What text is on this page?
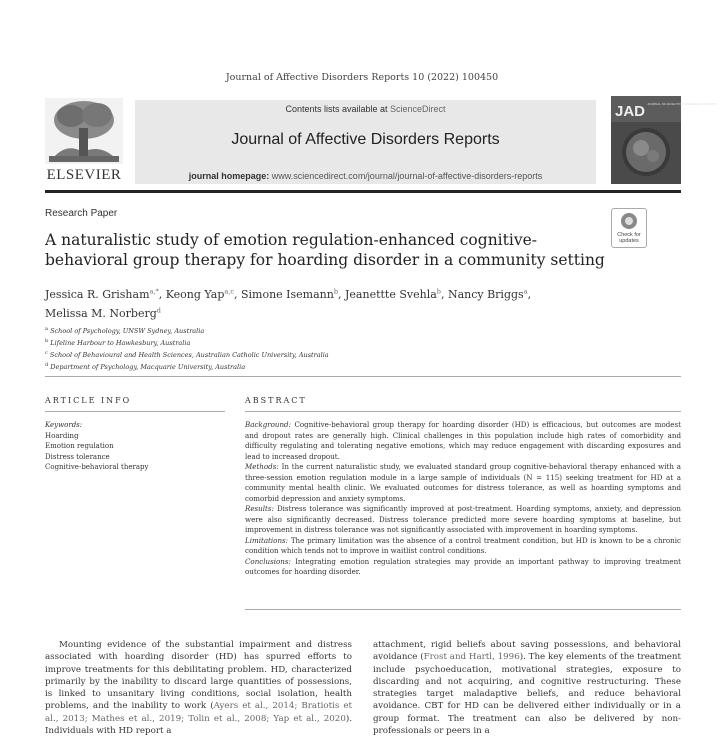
Journal of Affective Disorders Reports 10 (2022) 100450
ELSEVIER
Contents lists available at ScienceDirect
Journal of Affective Disorders Reports
journal homepage: www.sciencedirect.com/journal/journal-of-affective-disorders-reports
JAD JOURNAL OF AFFECTIVE DISORDERS REPORTS
Research Paper
Check for
updates
A naturalistic study of emotion regulation-enhanced cognitive-behavioral group therapy for hoarding disorder in a community setting
Jessica R. Grisham$^{a,*}$, Keong Yap$^{a,c}$, Simone Isemann$^b$, Jeanettte Svehla$^b$, Nancy Briggs$^a$,
Melissa M. Norberg$^d$
$^a$ School of Psychology, UNSW Sydney, Australia
$^b$ Lifeline Harbour to Hawkesbury, Australia
$^c$ School of Behavioural and Health Sciences, Australian Catholic University, Australia
$^d$ Department of Psychology, Macquarie University, Australia
ARTICLE INFO	ABSTRACT
Keywords:
Hoarding
Emotion regulation
Distress tolerance
Cognitive-behavioral therapy

Background: Cognitive-behavioral group therapy for hoarding disorder (HD) is efficacious, but outcomes are modest and dropout rates are generally high. Clinical challenges in this population include high rates of comorbidity and difficulty regulating and tolerating negative emotions, which may reduce engagement with discarding exposures and lead to increased dropout.

Methods: In the current naturalistic study, we evaluated standard group cognitive-behavioral therapy enhanced with a three-session emotion regulation module in a large sample of individuals (N = 115) seeking treatment for HD at a community mental health clinic. We evaluated outcomes for distress tolerance, as well as hoarding symptoms and comorbid depression and anxiety symptoms.

Results: Distress tolerance was significantly improved at post-treatment. Hoarding symptoms, anxiety, and depression were also significantly decreased. Distress tolerance predicted more severe hoarding symptoms at baseline, but improvement in distress tolerance was not significantly associated with improvement in hoarding symptoms.

Limitations: The primary limitation was the absence of a control treatment condition, but HD is known to be a chronic condition which tends not to improve in waitlist control conditions.

Conclusions: Integrating emotion regulation strategies may provide an important pathway to improving treatment outcomes for hoarding disorder.

Mounting evidence of the substantial impairment and distress associated with hoarding disorder (HD) has spurred efforts to improve treatments for this debilitating problem. HD, characterized primarily by the inability to discard large quantities of possessions, is linked to unsanitary living conditions, social isolation, health problems, and the inability to work (Ayers et al., 2014; Bratiotis et al., 2013; Mathes et al., 2019; Tolin et al., 2008; Yap et al., 2020). Individuals with HD report a
attachment, rigid beliefs about saving possessions, and behavioral avoidance (Frost and Hartl, 1996). The key elements of the treatment include psychoeducation, motivational strategies, exposure to discarding and not acquiring, and cognitive restructuring. These strategies target maladaptive beliefs, and reduce behavioral avoidance. CBT for HD can be delivered either individually or in a group format. The treatment can also be delivered by non-professionals or peers in a
